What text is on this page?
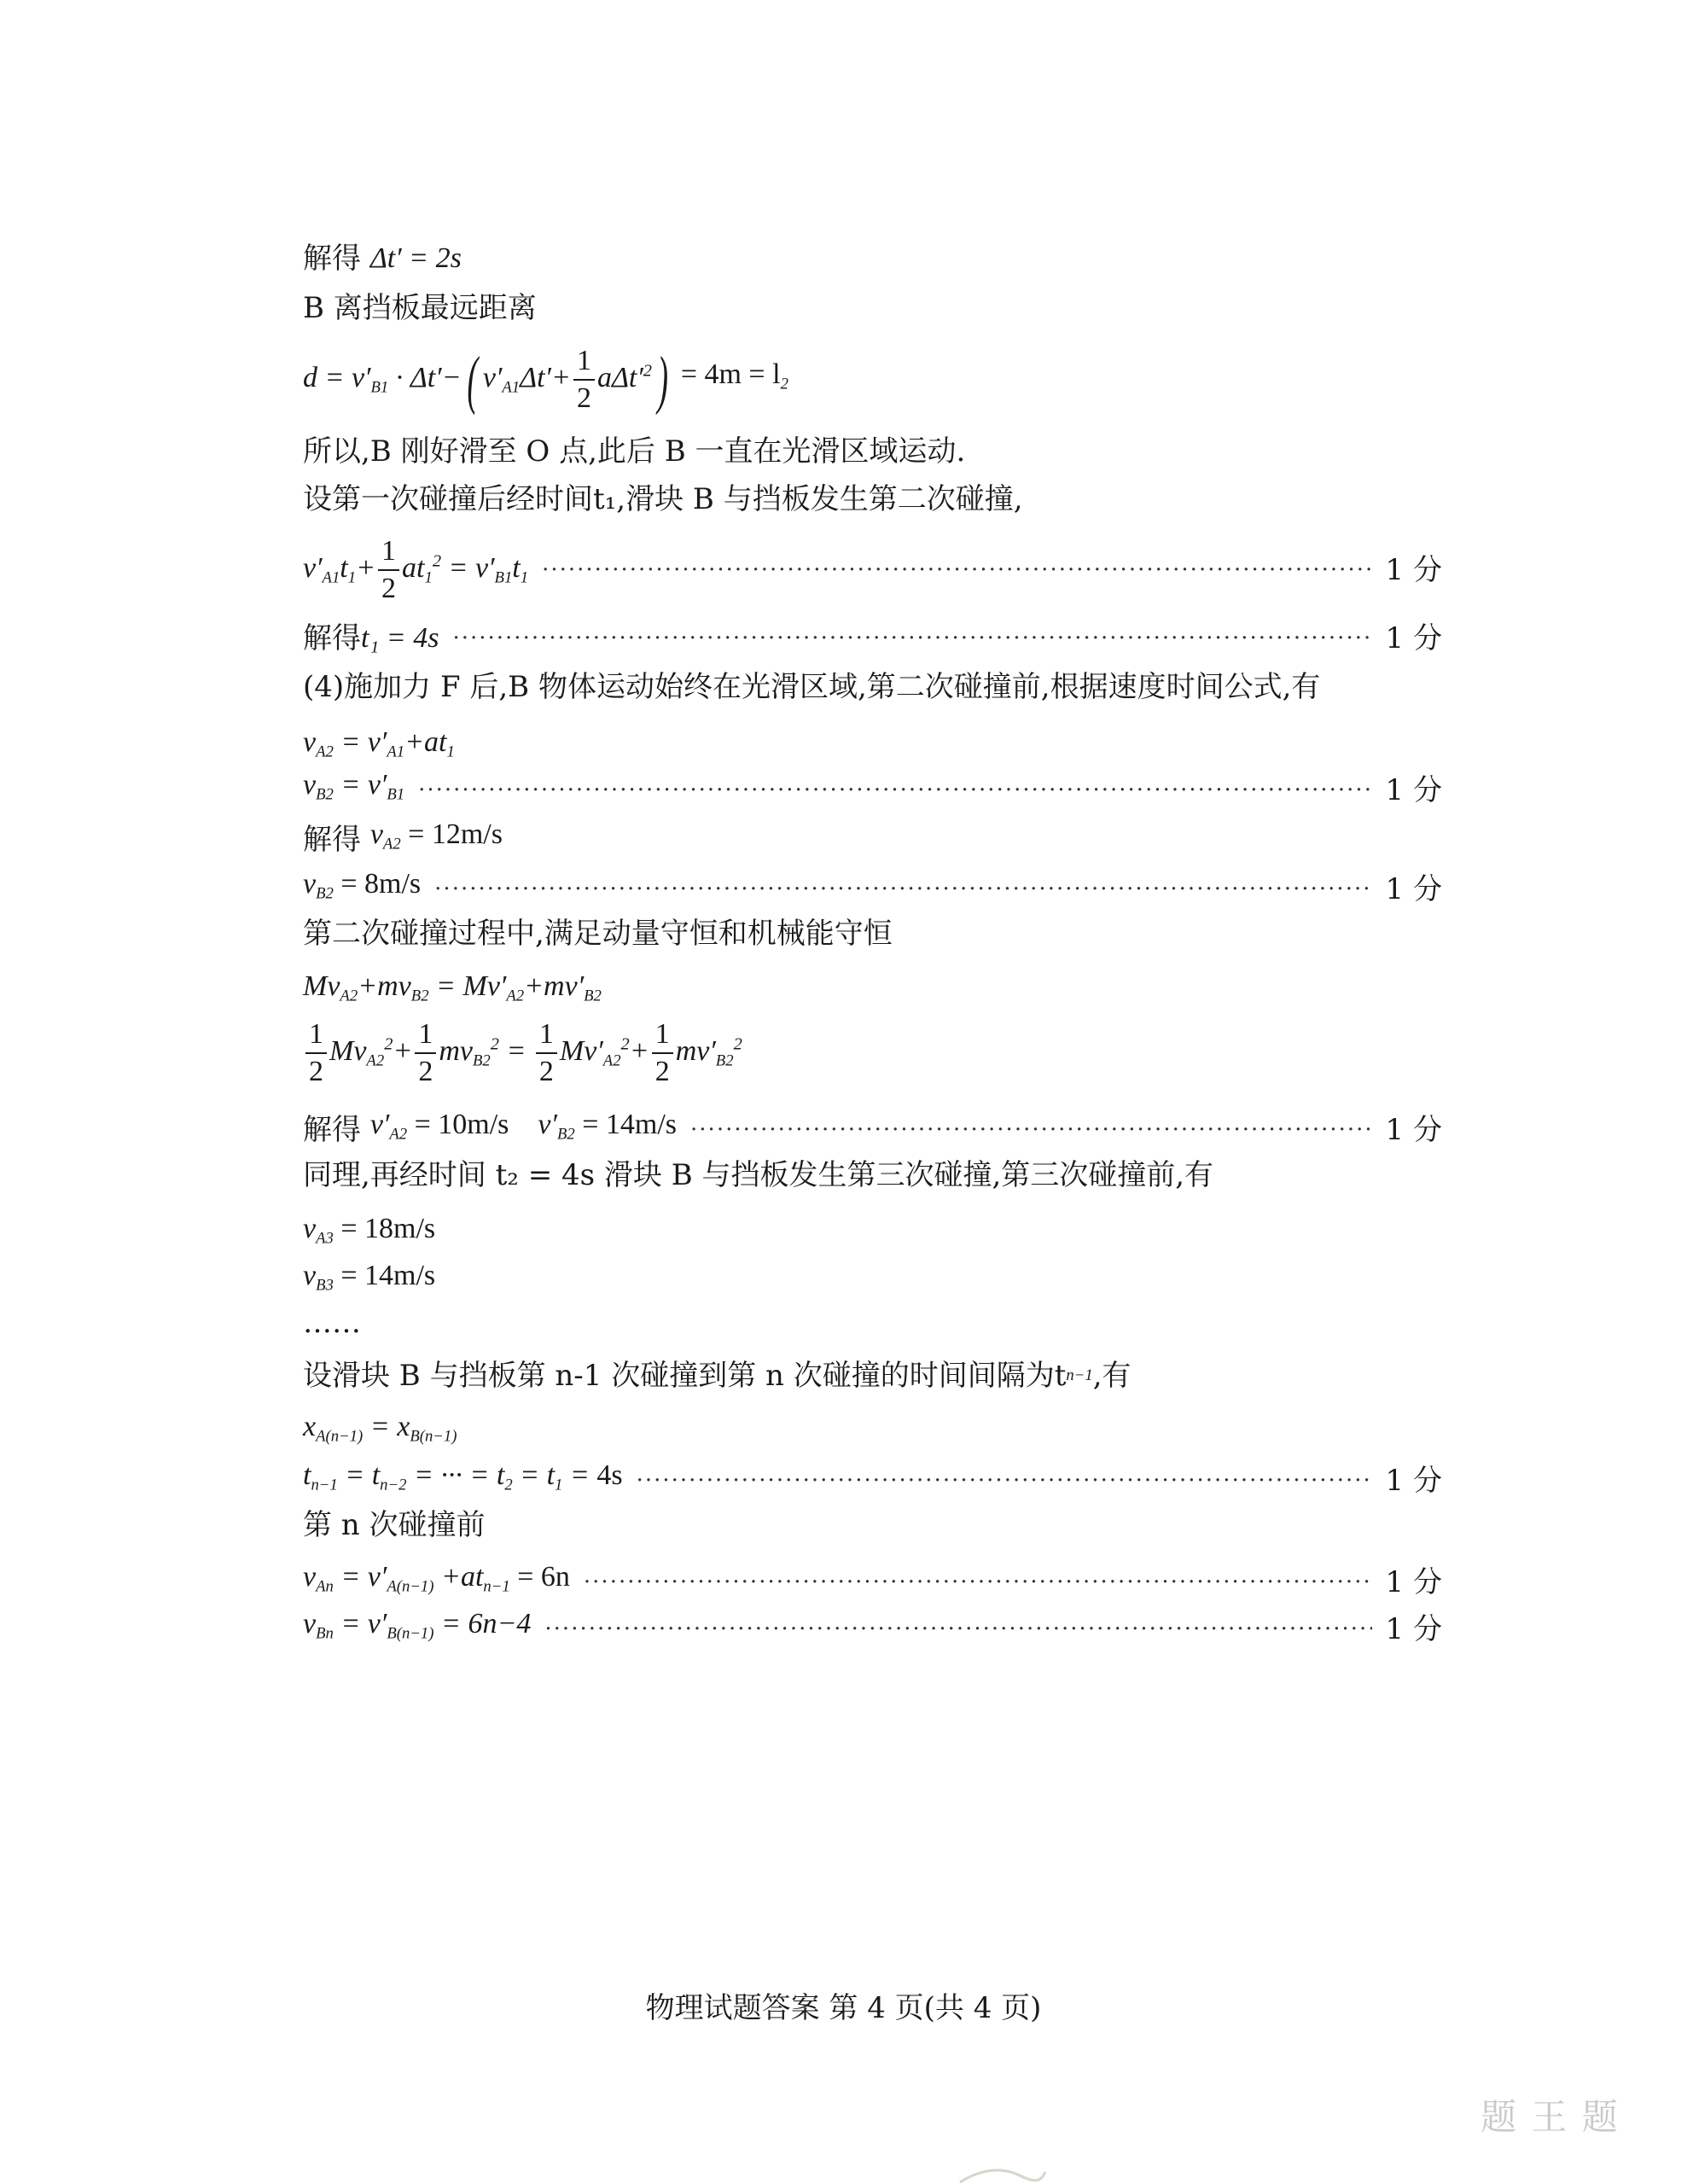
解得
Δt′ = 2s
B 离挡板最远距离
$d = v'_{B1} \cdot \Delta t'-$( $v'_{A1}\Delta t'+ \frac{1}{2} a\Delta t'^2) = 4m = l_2$
所以,B 刚好滑至 O 点,此后 B 一直在光滑区域运动.
设第一次碰撞后经时间t₁,滑块 B 与挡板发生第二次碰撞,
$v'_{A1}t_1+ \frac{1}{2} at_1^2 = v'_{B1}t_1$ ·····	1 分
解得 t₁ = 4s ·····	1 分
(4)施加力 F 后,B 物体运动始终在光滑区域,第二次碰撞前,根据速度时间公式,有
$v_{A2} = v'_{A1}+at_1$
$v_{B2} = v'_{B1}$ ·····	1 分
解得
$v_{A2} = 12m/s$
$v_{B2} = 8m/s$ ·····	1 分
第二次碰撞过程中,满足动量守恒和机械能守恒
$Mv_{A2}+mv_{B2} = Mv'_{A2}+mv'_{B2}$
$\frac{1}{2} Mv_{A2}^2+ \frac{1}{2} mv_{B2}^2 = \frac{1}{2} Mv'_{A2}^2+ \frac{1}{2} mv'_{B2}^2$
解得
$v'_{A2} = 10m/s$    $v'_{B2} = 14m/s$ ·····	1 分
同理,再经时间 t₂ = 4s 滑块 B 与挡板发生第三次碰撞,第三次碰撞前,有
$v_{A3} = 18m/s$
$v_{B3} = 14m/s$
……
设滑块 B 与挡板第 n-1 次碰撞到第 n 次碰撞的时间间隔为t n−1 ,有
$x_{A(n-1)} = x_{B(n-1)}$
$t_{n-1} = t_{n-2}$ = ··· = $t_2 = t_1 = 4s$ ·····	1 分
第 n 次碰撞前
$v_{An} = v'_{A(n-1)} +at_{n-1} = 6n$ ·····	1 分
$v_{Bn} = v'_{B(n-1)} = 6n-4$ ·····	1 分
物理试题答案 第 4 页(共 4 页)
题 王 题
